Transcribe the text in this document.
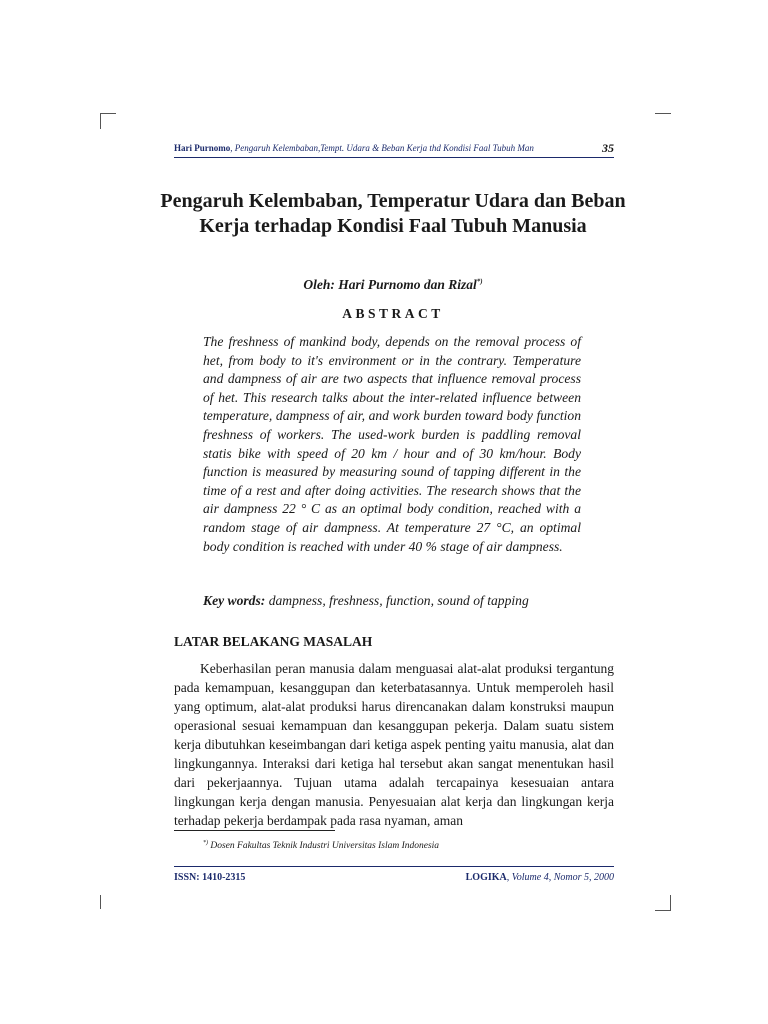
Hari Purnomo, Pengaruh Kelembaban,Tempt. Udara & Beban Kerja thd Kondisi Faal Tubuh Man	35
Pengaruh Kelembaban, Temperatur Udara dan Beban Kerja terhadap Kondisi Faal Tubuh Manusia
Oleh: Hari Purnomo dan Rizal*)
ABSTRACT
The freshness of mankind body, depends on the removal process of het, from body to it's environment or in the contrary. Temperature and dampness of air are two aspects that influence removal process of het. This research talks about the inter-related influence between temperature, dampness of air, and work burden toward body function freshness of workers. The used-work burden is paddling removal statis bike with speed of 20 km / hour and of 30 km/hour. Body function is measured by measuring sound of tapping different in the time of a rest and after doing activities. The research shows that the air dampness 22 ° C as an optimal body condition, reached with a random stage of air dampness. At temperature 27 °C, an optimal body condition is reached with under 40 % stage of air dampness.
Key words: dampness, freshness, function, sound of tapping
LATAR BELAKANG MASALAH

Keberhasilan peran manusia dalam menguasai alat-alat produksi tergantung pada kemampuan, kesanggupan dan keterbatasannya. Untuk memperoleh hasil yang optimum, alat-alat produksi harus direncanakan dalam konstruksi maupun operasional sesuai kemampuan dan kesanggupan pekerja. Dalam suatu sistem kerja dibutuhkan keseimbangan dari ketiga aspek penting yaitu manusia, alat dan lingkungannya. Interaksi dari ketiga hal tersebut akan sangat menentukan hasil dari pekerjaannya. Tujuan utama adalah tercapainya kesesuaian antara lingkungan kerja dengan manusia. Penyesuaian alat kerja dan lingkungan kerja terhadap pekerja berdampak pada rasa nyaman, aman

*) Dosen Fakultas Teknik Industri Universitas Islam Indonesia
ISSN: 1410-2315	LOGIKA, Volume 4, Nomor 5, 2000
